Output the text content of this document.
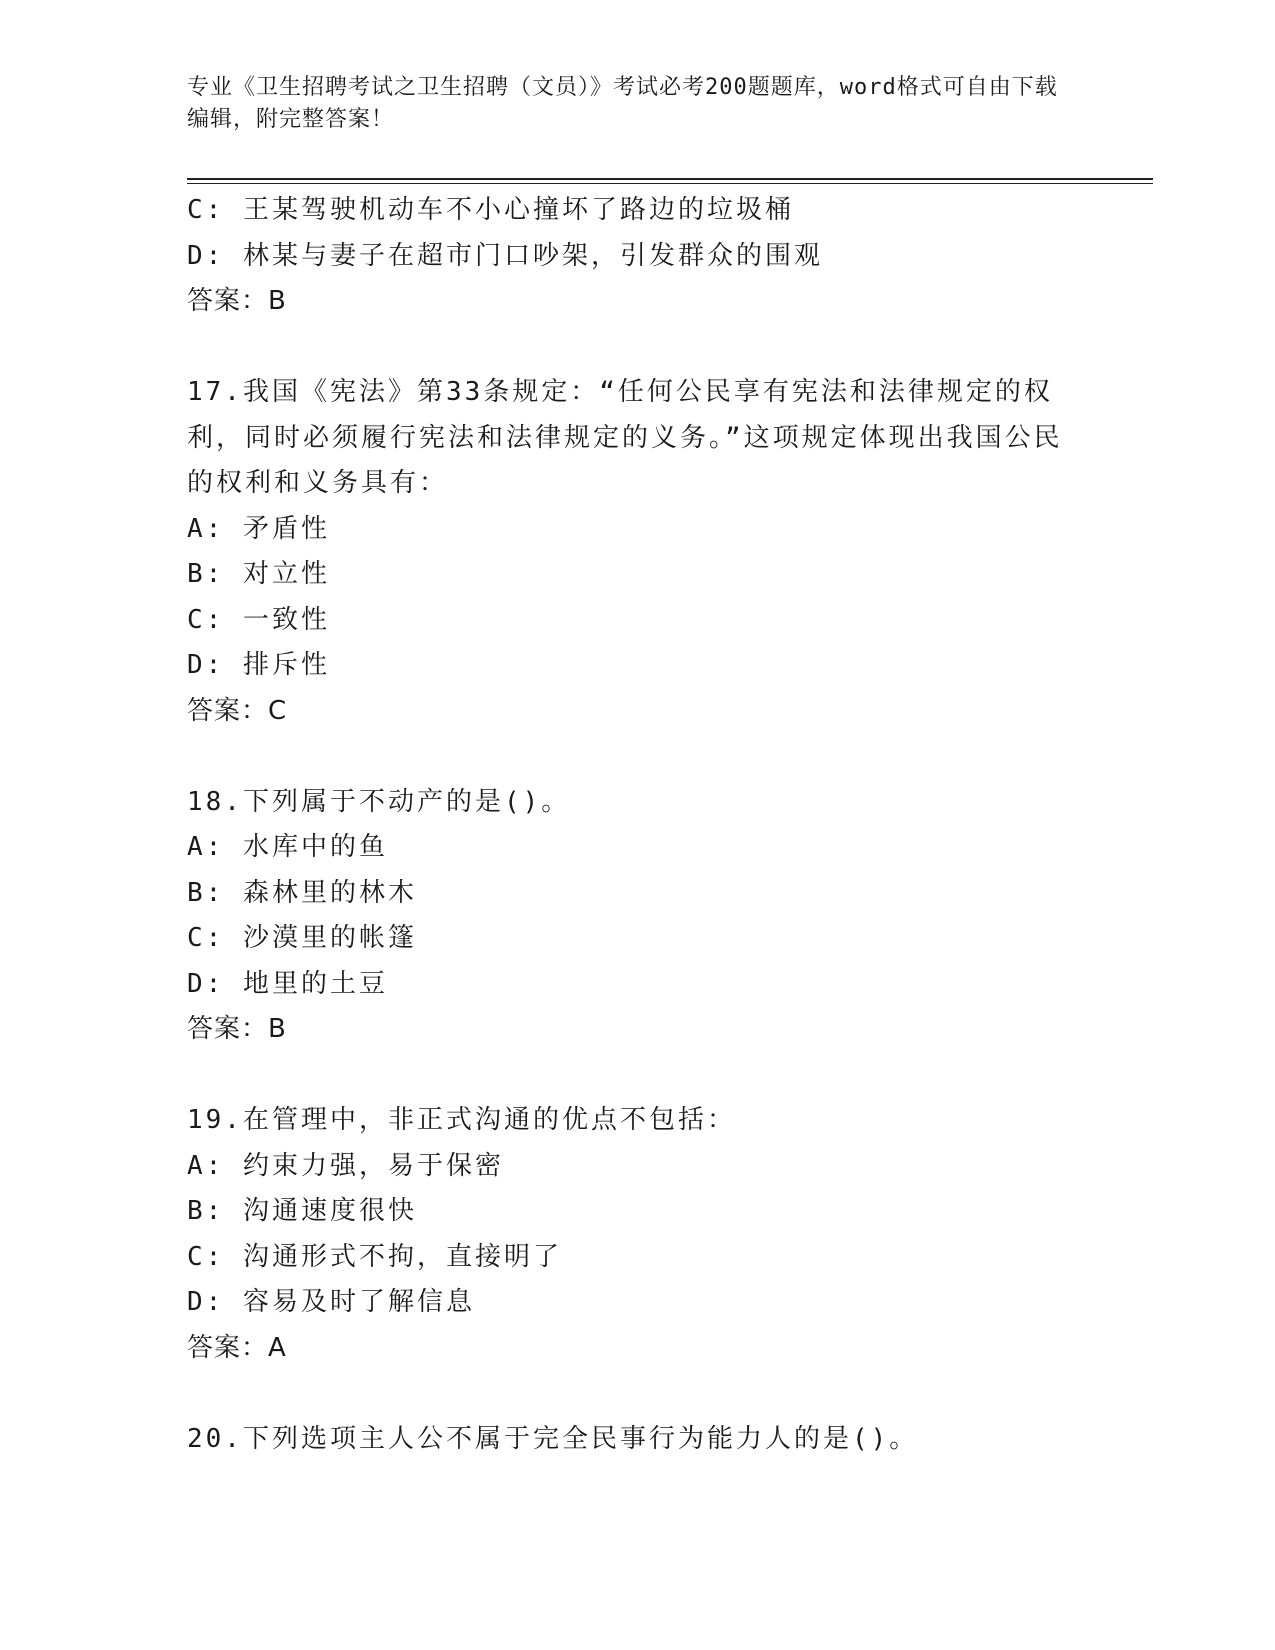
专业《卫生招聘考试之卫生招聘（文员）》考试必考200题题库，word格式可自由下载编辑，附完整答案！
C: 王某驾驶机动车不小心撞坏了路边的垃圾桶
D: 林某与妻子在超市门口吵架，引发群众的围观
答案：B
17.我国《宪法》第33条规定：“任何公民享有宪法和法律规定的权利，同时必须履行宪法和法律规定的义务。”这项规定体现出我国公民的权利和义务具有：
A: 矛盾性
B: 对立性
C: 一致性
D: 排斥性
答案：C
18.下列属于不动产的是()。
A: 水库中的鱼
B: 森林里的林木
C: 沙漠里的帐篷
D: 地里的土豆
答案：B
19.在管理中，非正式沟通的优点不包括：
A: 约束力强，易于保密
B: 沟通速度很快
C: 沟通形式不拘，直接明了
D: 容易及时了解信息
答案：A
20.下列选项主人公不属于完全民事行为能力人的是()。
